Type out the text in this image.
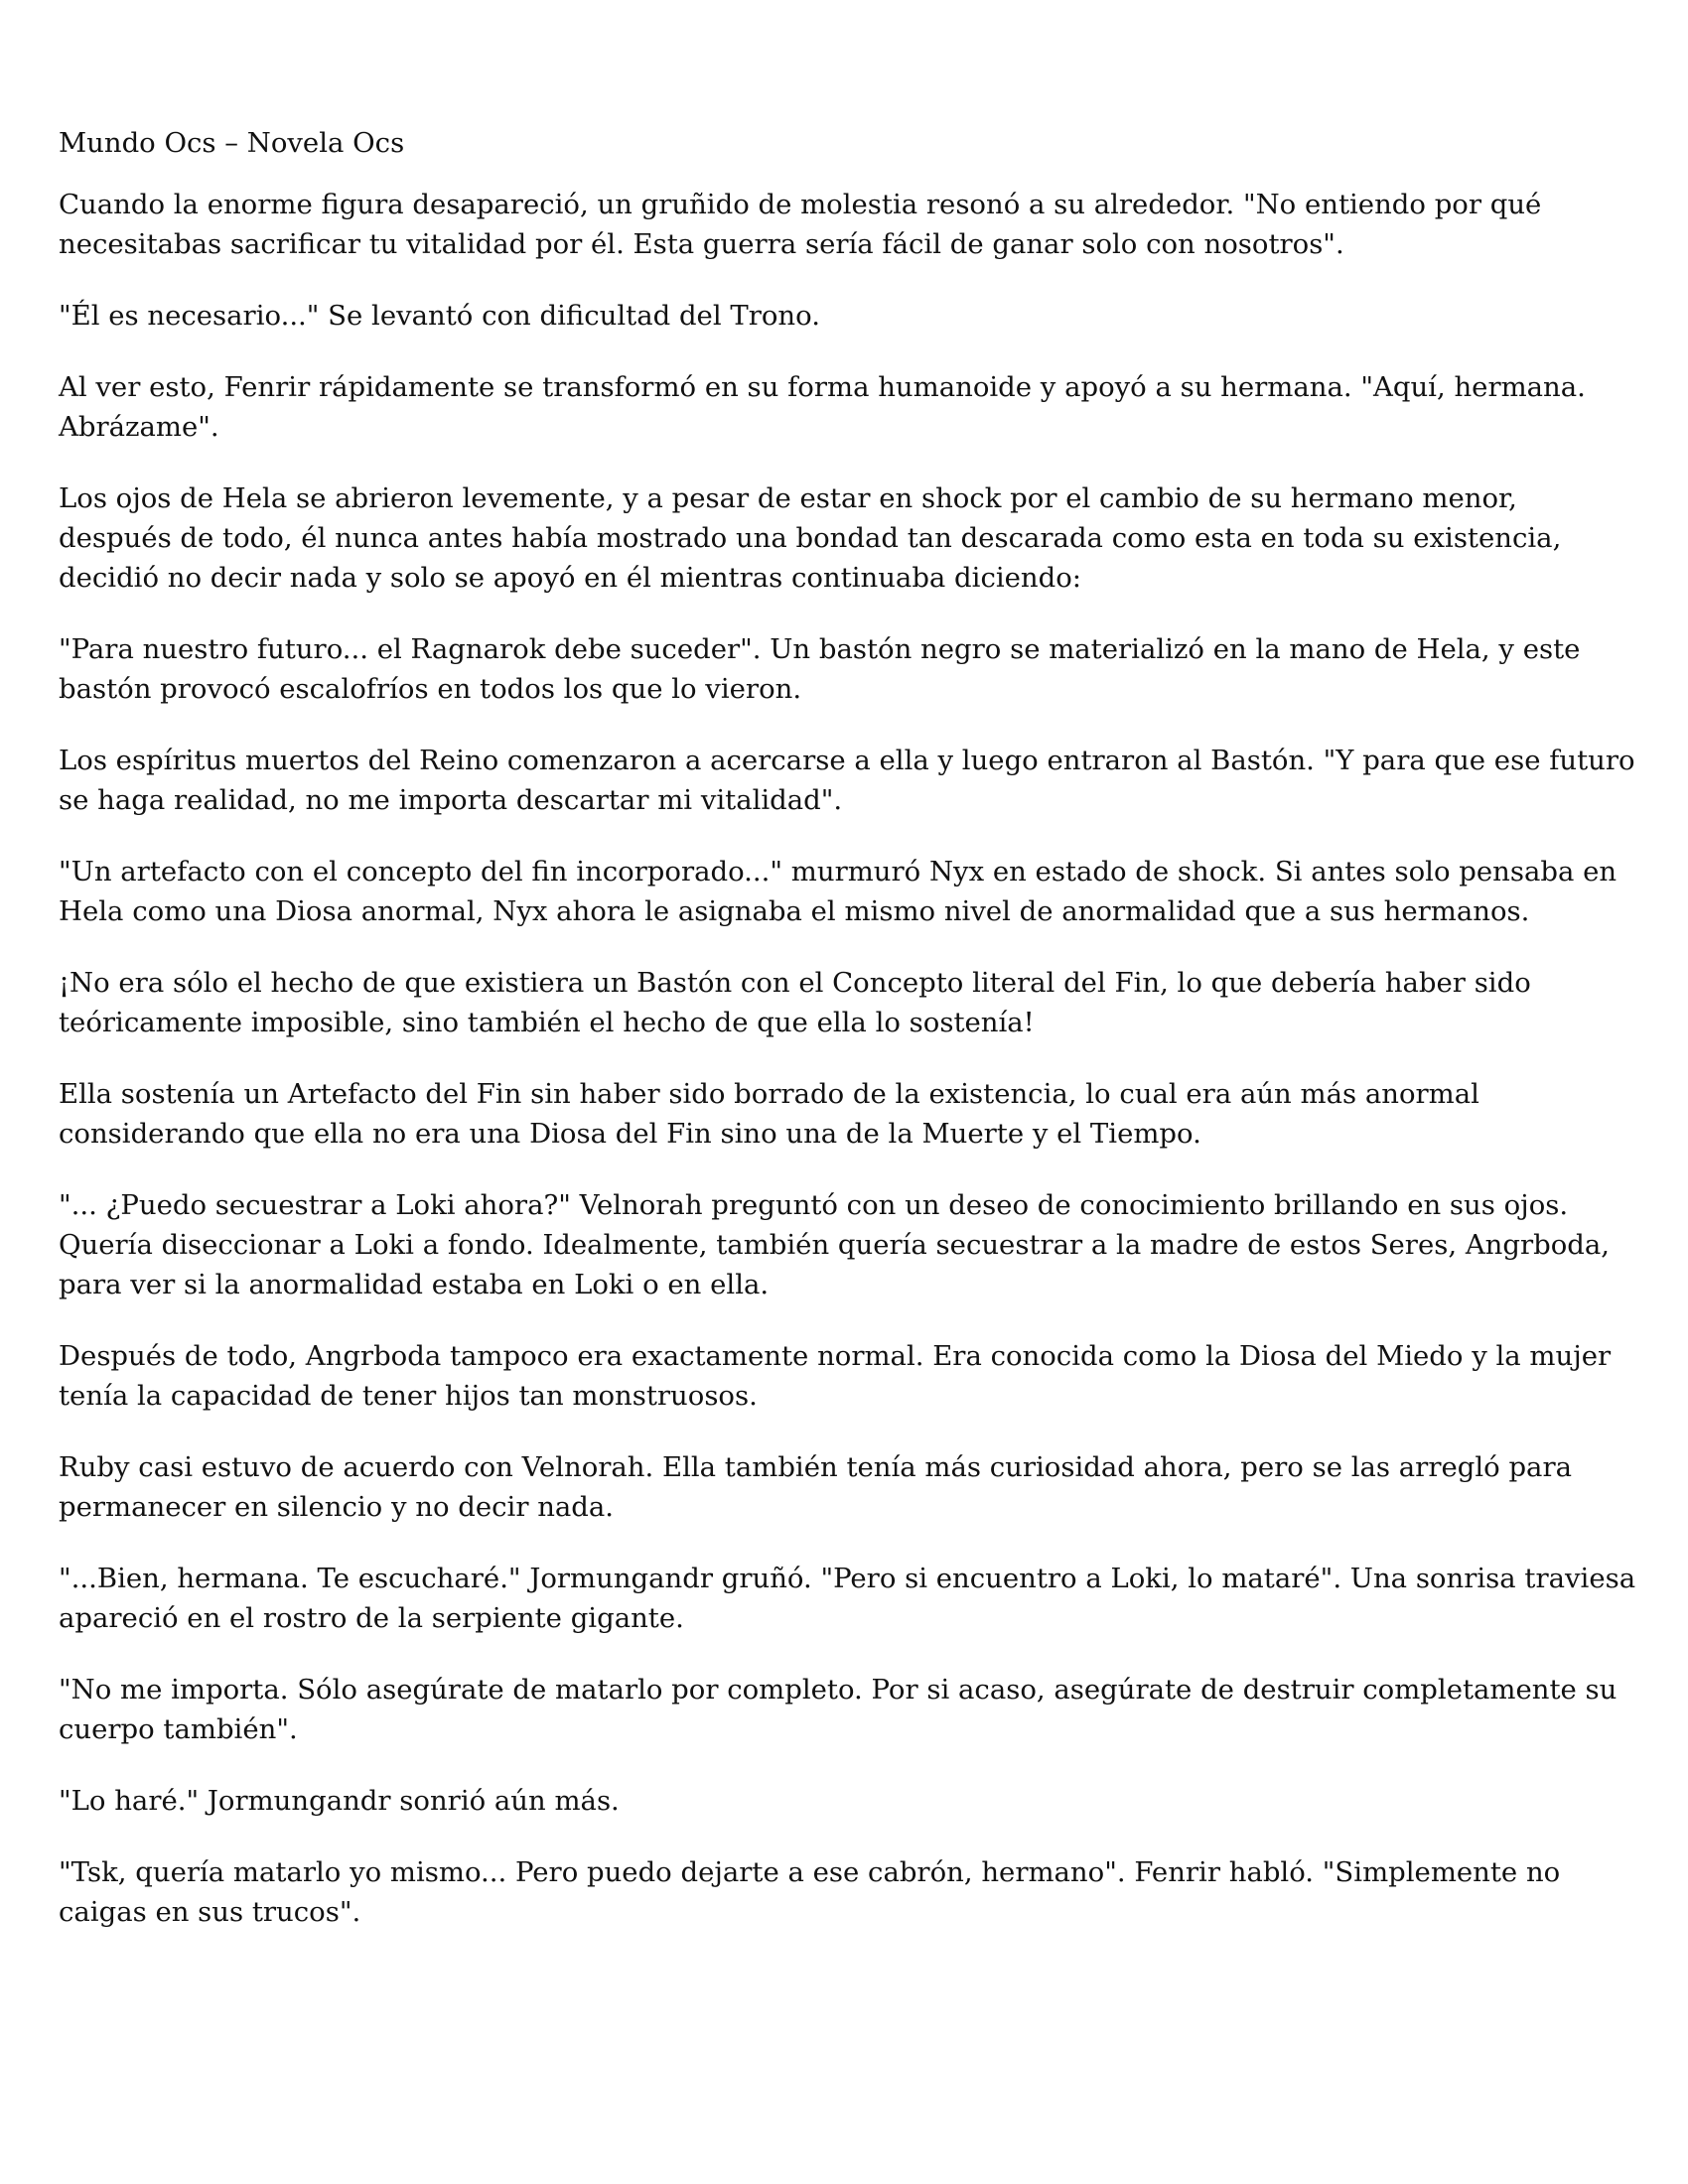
Mundo Ocs – Novela Ocs

Cuando la enorme figura desapareció, un gruñido de molestia resonó a su alrededor. "No entiendo por qué necesitabas sacrificar tu vitalidad por él. Esta guerra sería fácil de ganar solo con nosotros".

"Él es necesario..." Se levantó con dificultad del Trono.

Al ver esto, Fenrir rápidamente se transformó en su forma humanoide y apoyó a su hermana. "Aquí, hermana. Abrázame".

Los ojos de Hela se abrieron levemente, y a pesar de estar en shock por el cambio de su hermano menor, después de todo, él nunca antes había mostrado una bondad tan descarada como esta en toda su existencia, decidió no decir nada y solo se apoyó en él mientras continuaba diciendo:

"Para nuestro futuro... el Ragnarok debe suceder". Un bastón negro se materializó en la mano de Hela, y este bastón provocó escalofríos en todos los que lo vieron.

Los espíritus muertos del Reino comenzaron a acercarse a ella y luego entraron al Bastón. "Y para que ese futuro se haga realidad, no me importa descartar mi vitalidad".

"Un artefacto con el concepto del fin incorporado..." murmuró Nyx en estado de shock. Si antes solo pensaba en Hela como una Diosa anormal, Nyx ahora le asignaba el mismo nivel de anormalidad que a sus hermanos.

¡No era sólo el hecho de que existiera un Bastón con el Concepto literal del Fin, lo que debería haber sido teóricamente imposible, sino también el hecho de que ella lo sostenía!

Ella sostenía un Artefacto del Fin sin haber sido borrado de la existencia, lo cual era aún más anormal considerando que ella no era una Diosa del Fin sino una de la Muerte y el Tiempo.

"... ¿Puedo secuestrar a Loki ahora?" Velnorah preguntó con un deseo de conocimiento brillando en sus ojos. Quería diseccionar a Loki a fondo. Idealmente, también quería secuestrar a la madre de estos Seres, Angrboda, para ver si la anormalidad estaba en Loki o en ella.

Después de todo, Angrboda tampoco era exactamente normal. Era conocida como la Diosa del Miedo y la mujer tenía la capacidad de tener hijos tan monstruosos.

Ruby casi estuvo de acuerdo con Velnorah. Ella también tenía más curiosidad ahora, pero se las arregló para permanecer en silencio y no decir nada.

"...Bien, hermana. Te escucharé." Jormungandr gruñó. "Pero si encuentro a Loki, lo mataré". Una sonrisa traviesa apareció en el rostro de la serpiente gigante.

"No me importa. Sólo asegúrate de matarlo por completo. Por si acaso, asegúrate de destruir completamente su cuerpo también".

"Lo haré." Jormungandr sonrió aún más.

"Tsk, quería matarlo yo mismo... Pero puedo dejarte a ese cabrón, hermano". Fenrir habló. "Simplemente no caigas en sus trucos".
